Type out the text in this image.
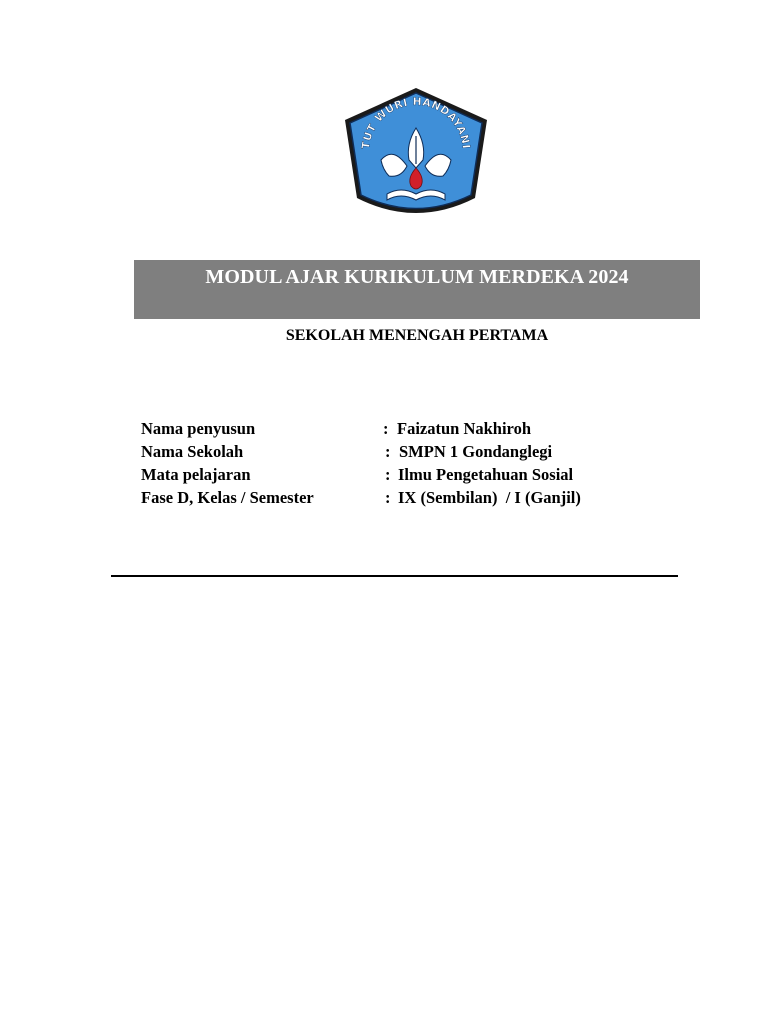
TUT WURI HANDAYANI
MODUL AJAR KURIKULUM MERDEKA 2024
SEKOLAH MENENGAH PERTAMA
Nama penyusun	: Faizatun Nakhiroh
Nama Sekolah	: SMPN 1 Gondanglegi
Mata pelajaran	: Ilmu Pengetahuan Sosial
Fase D, Kelas / Semester	: IX (Sembilan)  / I (Ganjil)
